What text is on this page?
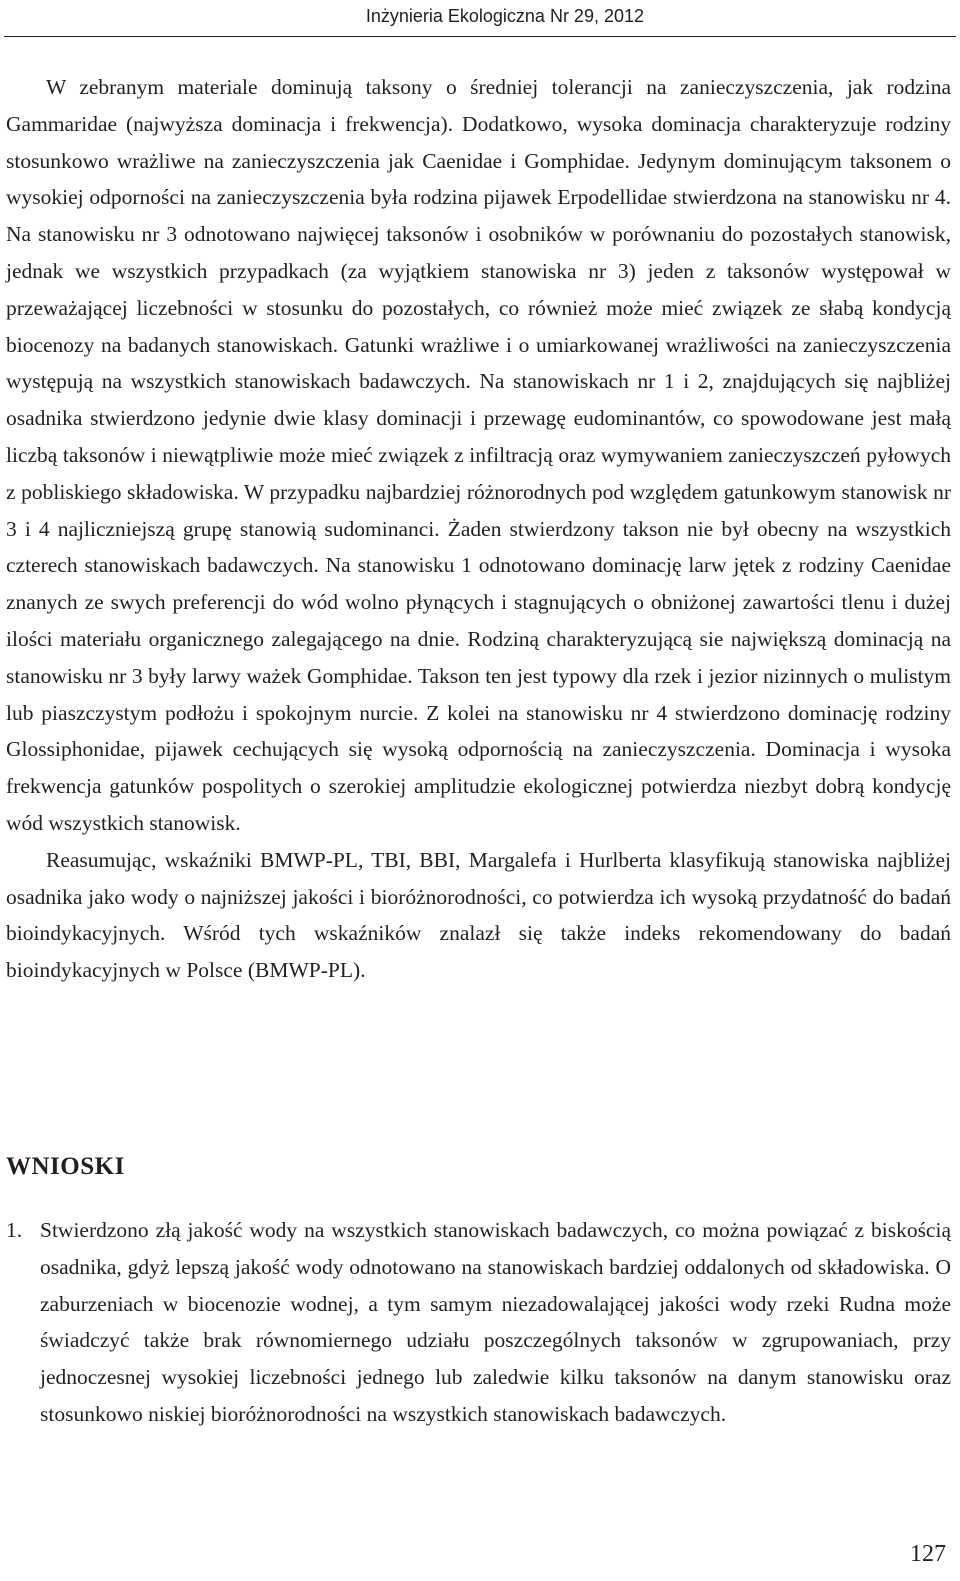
Inżynieria Ekologiczna Nr 29, 2012

W zebranym materiale dominują taksony o średniej tolerancji na zanieczyszczenia, jak rodzina Gammaridae (najwyższa dominacja i frekwencja). Dodatkowo, wysoka dominacja charakteryzuje rodziny stosunkowo wrażliwe na zanieczyszczenia jak Caenidae i Gomphidae. Jedynym dominującym taksonem o wysokiej odporności na zanieczyszczenia była rodzina pijawek Erpodellidae stwierdzona na stanowisku nr 4. Na stanowisku nr 3 odnotowano najwięcej taksonów i osobników w porównaniu do pozostałych stanowisk, jednak we wszystkich przypadkach (za wyjątkiem stanowiska nr 3) jeden z taksonów występował w przeważającej liczebności w stosunku do pozostałych, co również może mieć związek ze słabą kondycją biocenozy na badanych stanowiskach. Gatunki wrażliwe i o umiarkowanej wrażliwości na zanieczyszczenia występują na wszystkich stanowiskach badawczych. Na stanowiskach nr 1 i 2, znajdujących się najbliżej osadnika stwierdzono jedynie dwie klasy dominacji i przewagę eudominantów, co spowodowane jest małą liczbą taksonów i niewątpliwie może mieć związek z infiltracją oraz wymywaniem zanieczyszczeń pyłowych z pobliskiego składowiska. W przypadku najbardziej różnorodnych pod względem gatunkowym stanowisk nr 3 i 4 najliczniejszą grupę stanowią sudominanci. Żaden stwierdzony takson nie był obecny na wszystkich czterech stanowiskach badawczych. Na stanowisku 1 odnotowano dominację larw jętek z rodziny Caenidae znanych ze swych preferencji do wód wolno płynących i stagnujących o obniżonej zawartości tlenu i dużej ilości materiału organicznego zalegającego na dnie. Rodziną charakteryzującą sie największą dominacją na stanowisku nr 3 były larwy ważek Gomphidae. Takson ten jest typowy dla rzek i jezior nizinnych o mulistym lub piaszczystym podłożu i spokojnym nurcie. Z kolei na stanowisku nr 4 stwierdzono dominację rodziny Glossiphonidae, pijawek cechujących się wysoką odpornością na zanieczyszczenia. Dominacja i wysoka frekwencja gatunków pospolitych o szerokiej amplitudzie ekologicznej potwierdza niezbyt dobrą kondycję wód wszystkich stanowisk.

Reasumując, wskaźniki BMWP-PL, TBI, BBI, Margalefa i Hurlberta klasyfikują stanowiska najbliżej osadnika jako wody o najniższej jakości i bioróżnorodności, co potwierdza ich wysoką przydatność do badań bioindykacyjnych. Wśród tych wskaźników znalazł się także indeks rekomendowany do badań bioindykacyjnych w Polsce (BMWP-PL).

WNIOSKI
1. Stwierdzono złą jakość wody na wszystkich stanowiskach badawczych, co można powiązać z biskością osadnika, gdyż lepszą jakość wody odnotowano na stanowiskach bardziej oddalonych od składowiska. O zaburzeniach w biocenozie wodnej, a tym samym niezadowalającej jakości wody rzeki Rudna może świadczyć także brak równomiernego udziału poszczególnych taksonów w zgrupowaniach, przy jednoczesnej wysokiej liczebności jednego lub zaledwie kilku taksonów na danym stanowisku oraz stosunkowo niskiej bioróżnorodności na wszystkich stanowiskach badawczych.
127
